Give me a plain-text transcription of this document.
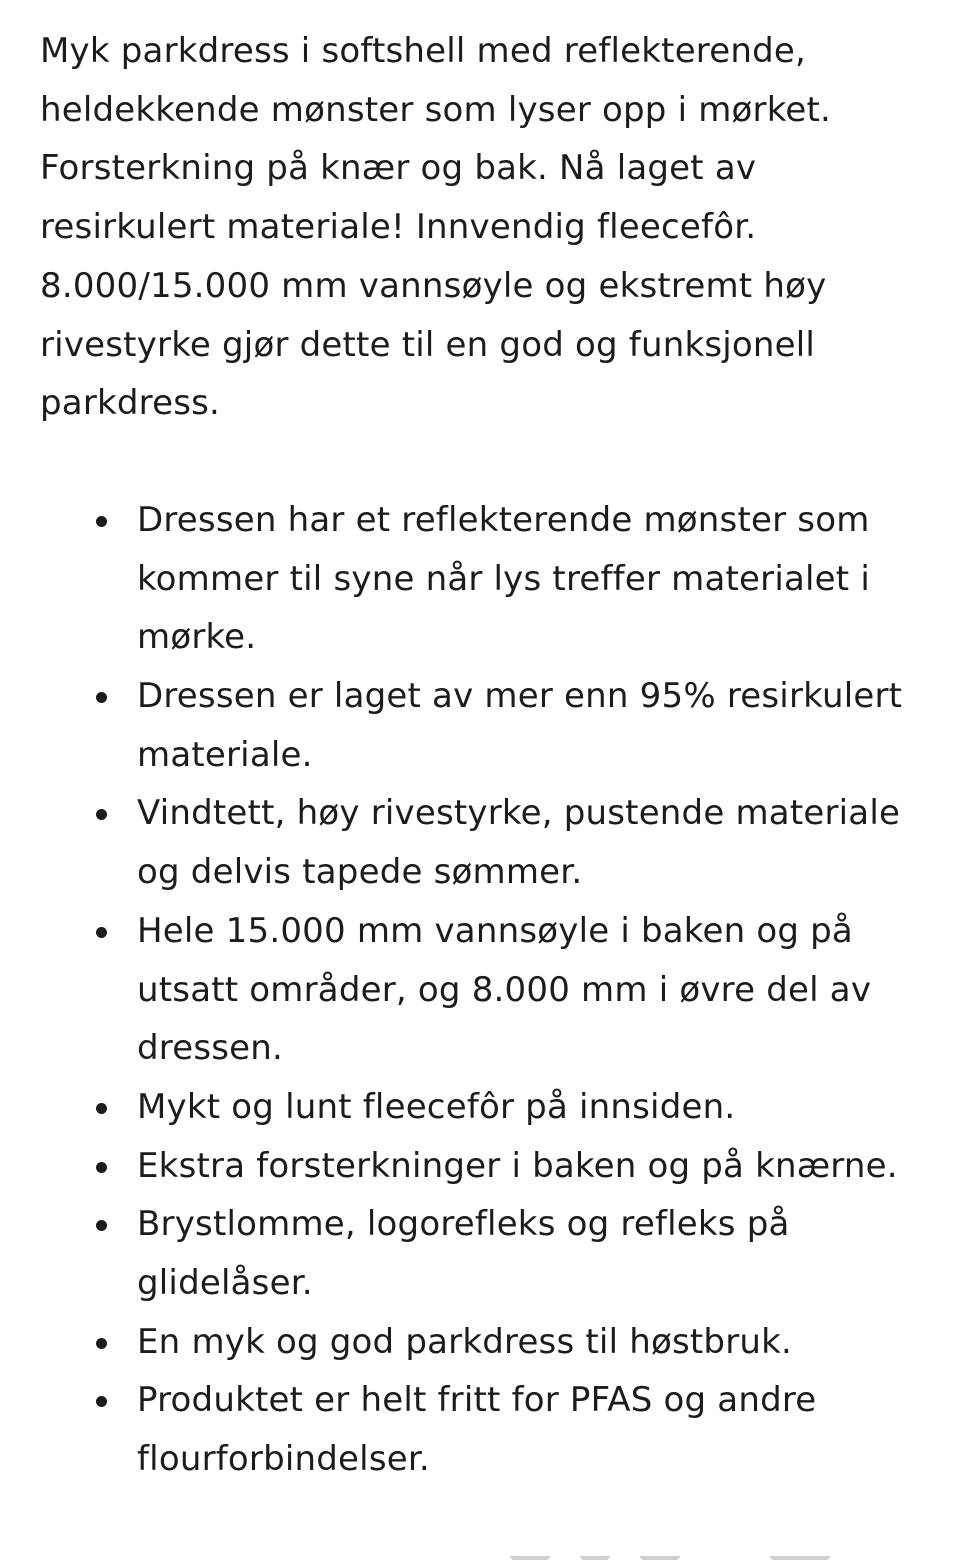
Myk parkdress i softshell med reflekterende, heldekkende mønster som lyser opp i mørket. Forsterkning på knær og bak. Nå laget av resirkulert materiale! Innvendig fleecefôr. 8.000/15.000 mm vannsøyle og ekstremt høy rivestyrke gjør dette til en god og funksjonell parkdress.

Dressen har et reflekterende mønster som kommer til syne når lys treffer materialet i mørke.
Dressen er laget av mer enn 95% resirkulert materiale.
Vindtett, høy rivestyrke, pustende materiale og delvis tapede sømmer.
Hele 15.000 mm vannsøyle i baken og på utsatt områder, og 8.000 mm i øvre del av dressen.
Mykt og lunt fleecefôr på innsiden.
Ekstra forsterkninger i baken og på knærne.
Brystlomme, logorefleks og refleks på glidelåser.
En myk og god parkdress til høstbruk.
Produktet er helt fritt for PFAS og andre flourforbindelser.
